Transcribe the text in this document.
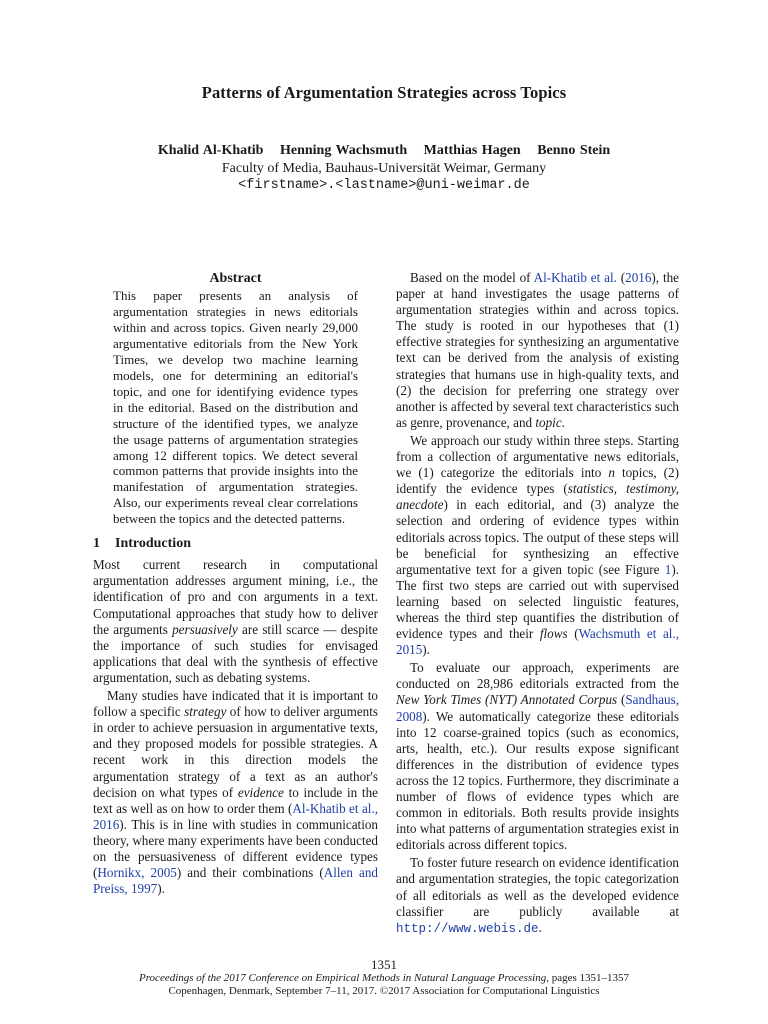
Patterns of Argumentation Strategies across Topics
Khalid Al-Khatib Henning Wachsmuth Matthias Hagen Benno Stein
Faculty of Media, Bauhaus-Universität Weimar, Germany
<firstname>.<lastname>@uni-weimar.de

Abstract

This paper presents an analysis of argumentation strategies in news editorials within and across topics. Given nearly 29,000 argumentative editorials from the New York Times, we develop two machine learning models, one for determining an editorial's topic, and one for identifying evidence types in the editorial. Based on the distribution and structure of the identified types, we analyze the usage patterns of argumentation strategies among 12 different topics. We detect several common patterns that provide insights into the manifestation of argumentation strategies. Also, our experiments reveal clear correlations between the topics and the detected patterns.

1 Introduction

Most current research in computational argumentation addresses argument mining, i.e., the identification of pro and con arguments in a text. Computational approaches that study how to deliver the arguments persuasively are still scarce — despite the importance of such studies for envisaged applications that deal with the synthesis of effective argumentation, such as debating systems.

Many studies have indicated that it is important to follow a specific strategy of how to deliver arguments in order to achieve persuasion in argumentative texts, and they proposed models for possible strategies. A recent work in this direction models the argumentation strategy of a text as an author's decision on what types of evidence to include in the text as well as on how to order them (Al-Khatib et al., 2016). This is in line with studies in communication theory, where many experiments have been conducted on the persuasiveness of different evidence types (Hornikx, 2005) and their combinations (Allen and Preiss, 1997).

Based on the model of Al-Khatib et al. (2016), the paper at hand investigates the usage patterns of argumentation strategies within and across topics. The study is rooted in our hypotheses that (1) effective strategies for synthesizing an argumentative text can be derived from the analysis of existing strategies that humans use in high-quality texts, and (2) the decision for preferring one strategy over another is affected by several text characteristics such as genre, provenance, and topic.

We approach our study within three steps. Starting from a collection of argumentative news editorials, we (1) categorize the editorials into n topics, (2) identify the evidence types (statistics, testimony, anecdote) in each editorial, and (3) analyze the selection and ordering of evidence types within editorials across topics. The output of these steps will be beneficial for synthesizing an effective argumentative text for a given topic (see Figure 1). The first two steps are carried out with supervised learning based on selected linguistic features, whereas the third step quantifies the distribution of evidence types and their flows (Wachsmuth et al., 2015).

To evaluate our approach, experiments are conducted on 28,986 editorials extracted from the New York Times (NYT) Annotated Corpus (Sandhaus, 2008). We automatically categorize these editorials into 12 coarse-grained topics (such as economics, arts, health, etc.). Our results expose significant differences in the distribution of evidence types across the 12 topics. Furthermore, they discriminate a number of flows of evidence types which are common in editorials. Both results provide insights into what patterns of argumentation strategies exist in editorials across different topics.

To foster future research on evidence identification and argumentation strategies, the topic categorization of all editorials as well as the developed evidence classifier are publicly available at http://www.webis.de.

1351
Proceedings of the 2017 Conference on Empirical Methods in Natural Language Processing, pages 1351–1357
Copenhagen, Denmark, September 7–11, 2017. ©2017 Association for Computational Linguistics
